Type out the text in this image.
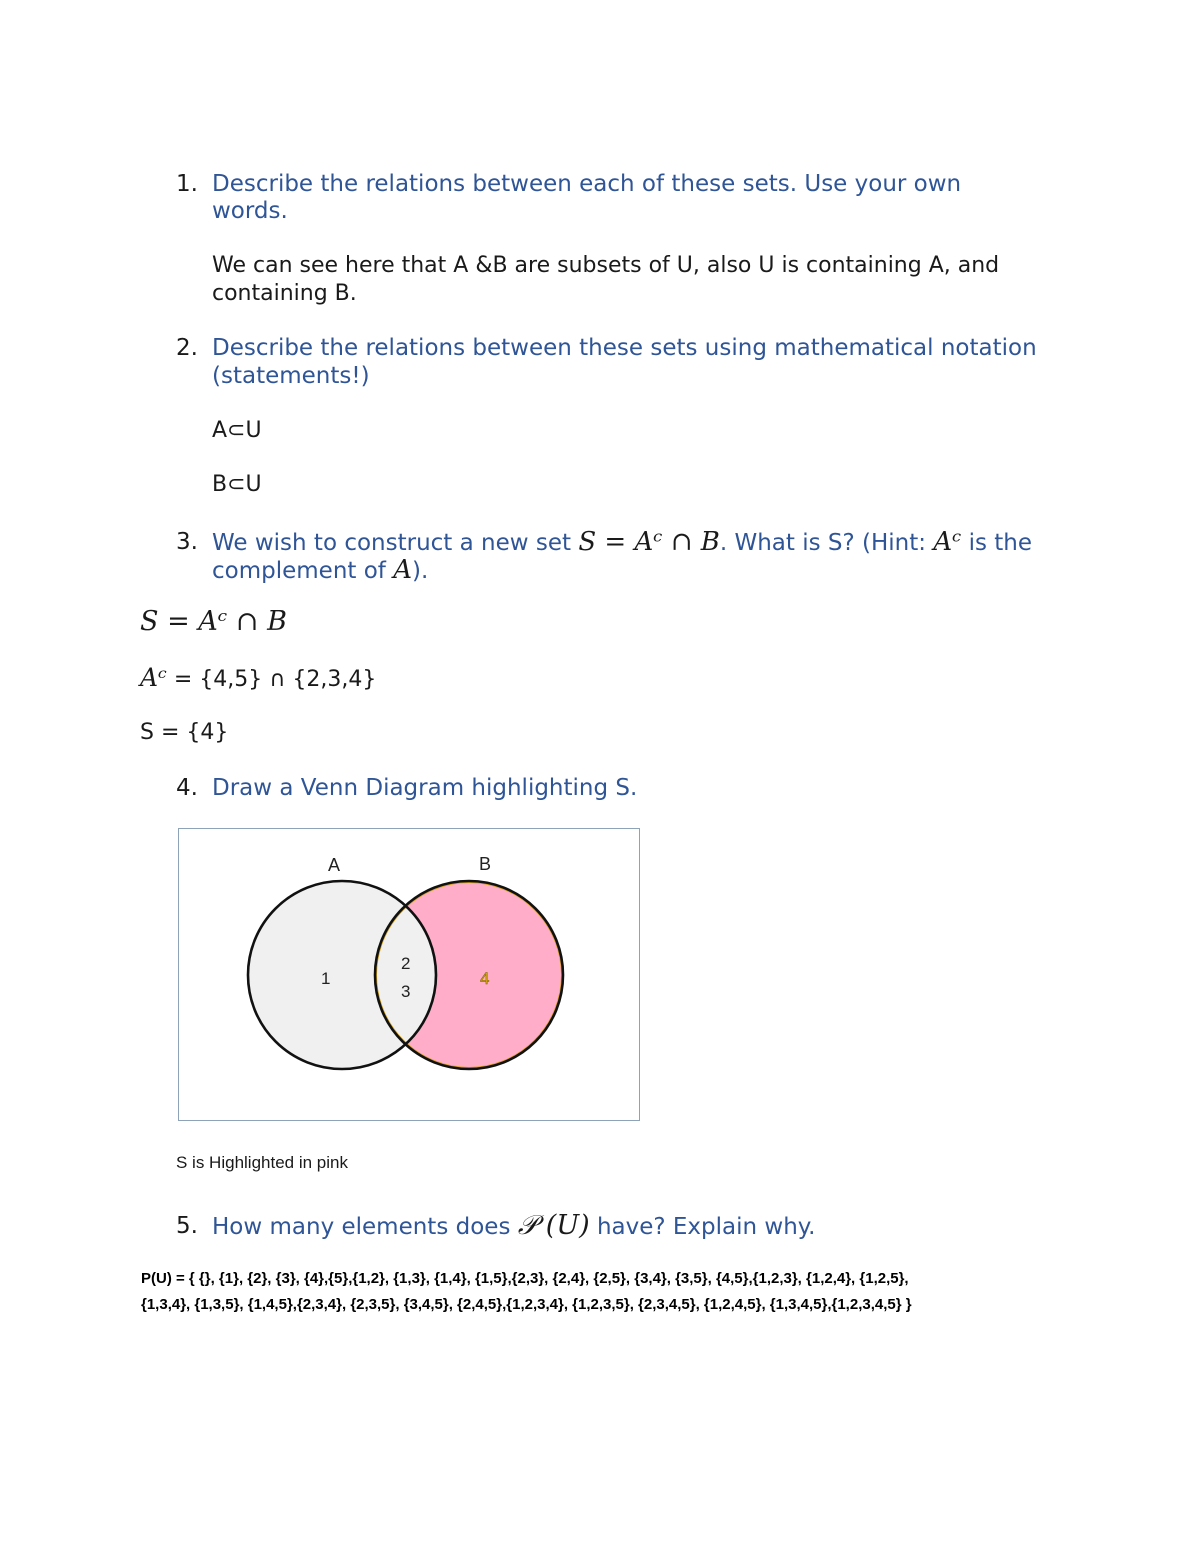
1. Describe the relations between each of these sets. Use your own
words.
We can see here that A &B are subsets of U, also U is containing A, and
containing B.
2. Describe the relations between these sets using mathematical notation
(statements!)
A⊂U
B⊂U
3. We wish to construct a new set S = Aᶜ ∩ B. What is S? (Hint: Aᶜ is the
complement of A).
S = Aᶜ ∩ B
Aᶜ = {4,5} ∩ {2,3,4}
S = {4}
4. Draw a Venn Diagram highlighting S.
A	B
1
2
3
4
S is Highlighted in pink
5. How many elements does 𝒫 (U) have? Explain why.
P(U) = { {}, {1}, {2}, {3}, {4},{5},{1,2}, {1,3}, {1,4}, {1,5},{2,3}, {2,4}, {2,5}, {3,4}, {3,5}, {4,5},{1,2,3}, {1,2,4}, {1,2,5},
{1,3,4}, {1,3,5}, {1,4,5},{2,3,4}, {2,3,5}, {3,4,5}, {2,4,5},{1,2,3,4}, {1,2,3,5}, {2,3,4,5}, {1,2,4,5}, {1,3,4,5},{1,2,3,4,5} }
